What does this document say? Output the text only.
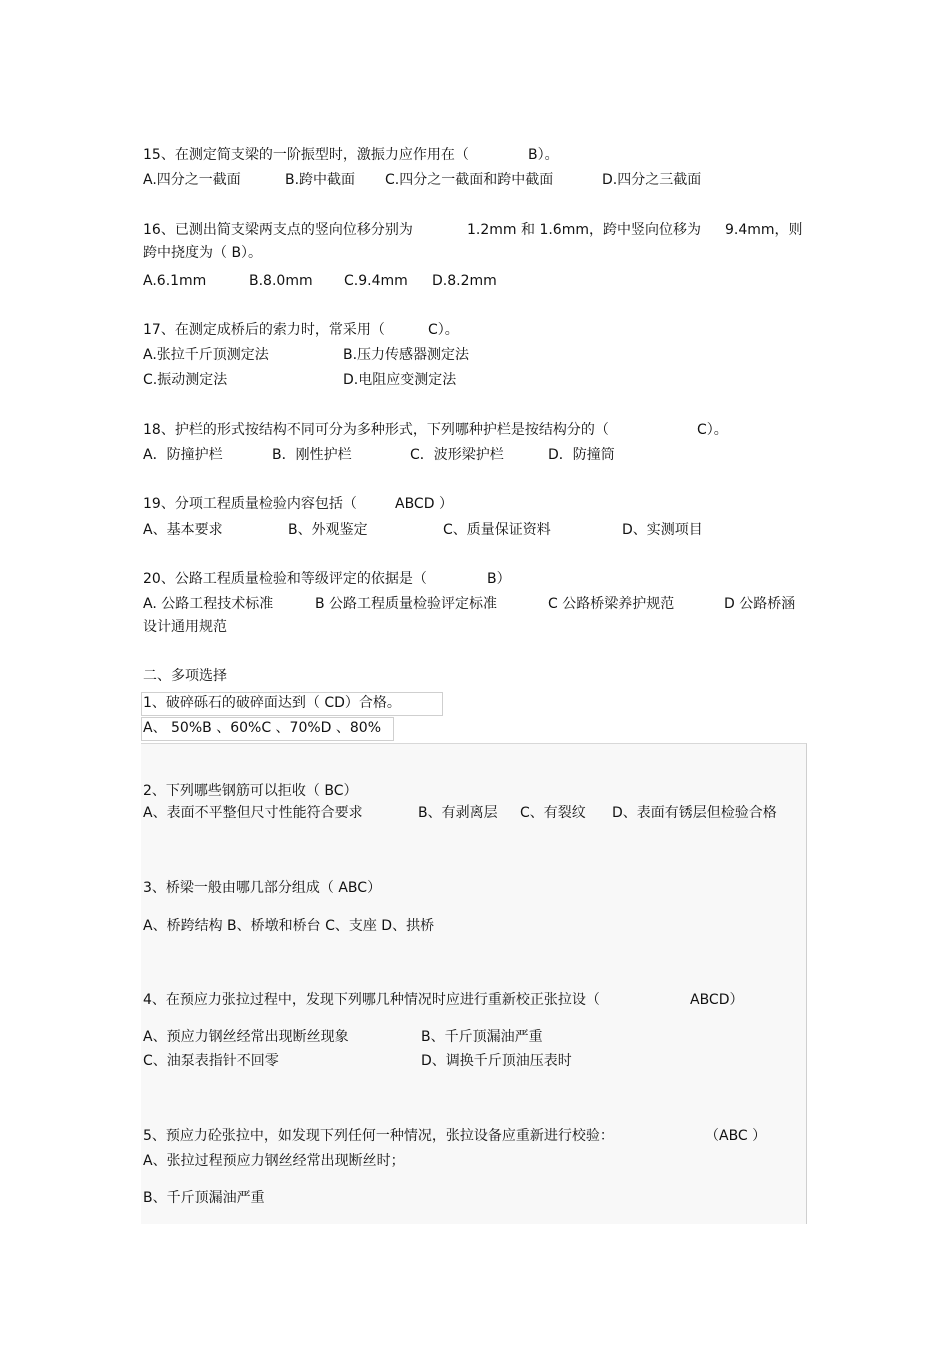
15、在测定简支梁的一阶振型时，激振力应作用在（	B）。
A.四分之一截面	B.跨中截面 C.四分之一截面和跨中截面	D.四分之三截面
16、已测出简支梁两支点的竖向位移分别为	1.2mm 和 1.6mm，跨中竖向位移为 9.4mm，则
跨中挠度为（ B）。
A.6.1mm	B.8.0mm C.9.4mm D.8.2mm
17、在测定成桥后的索力时，常采用（	C）。
A.张拉千斤顶测定法	B.压力传感器测定法
C.振动测定法	D.电阻应变测定法
18、护栏的形式按结构不同可分为多种形式，下列哪种护栏是按结构分的（	C）。
A．防撞护栏	B．刚性护栏	C．波形梁护栏	D．防撞筒
19、分项工程质量检验内容包括（	ABCD ）
A、基本要求	B、外观鉴定	C、质量保证资料	D、实测项目
20、公路工程质量检验和等级评定的依据是（	B）
A. 公路工程技术标准	B 公路工程质量检验评定标准	C 公路桥梁养护规范	D 公路桥涵
设计通用规范
二、多项选择
1、破碎砾石的破碎面达到（ CD）合格。
A、 50%B 、60%C 、70%D 、80%
2、下列哪些钢筋可以拒收（ BC）
A、表面不平整但尺寸性能符合要求	B、有剥离层 C、有裂纹 D、表面有锈层但检验合格
3、桥梁一般由哪几部分组成（ ABC）
A、桥跨结构 B、桥墩和桥台 C、支座 D、拱桥
4、在预应力张拉过程中，发现下列哪几种情况时应进行重新校正张拉设（	ABCD）
A、预应力钢丝经常出现断丝现象	B、千斤顶漏油严重
C、油泵表指针不回零	D、调换千斤顶油压表时
5、预应力砼张拉中，如发现下列任何一种情况，张拉设备应重新进行校验：	（ABC ）
A、张拉过程预应力钢丝经常出现断丝时；
B、千斤顶漏油严重
